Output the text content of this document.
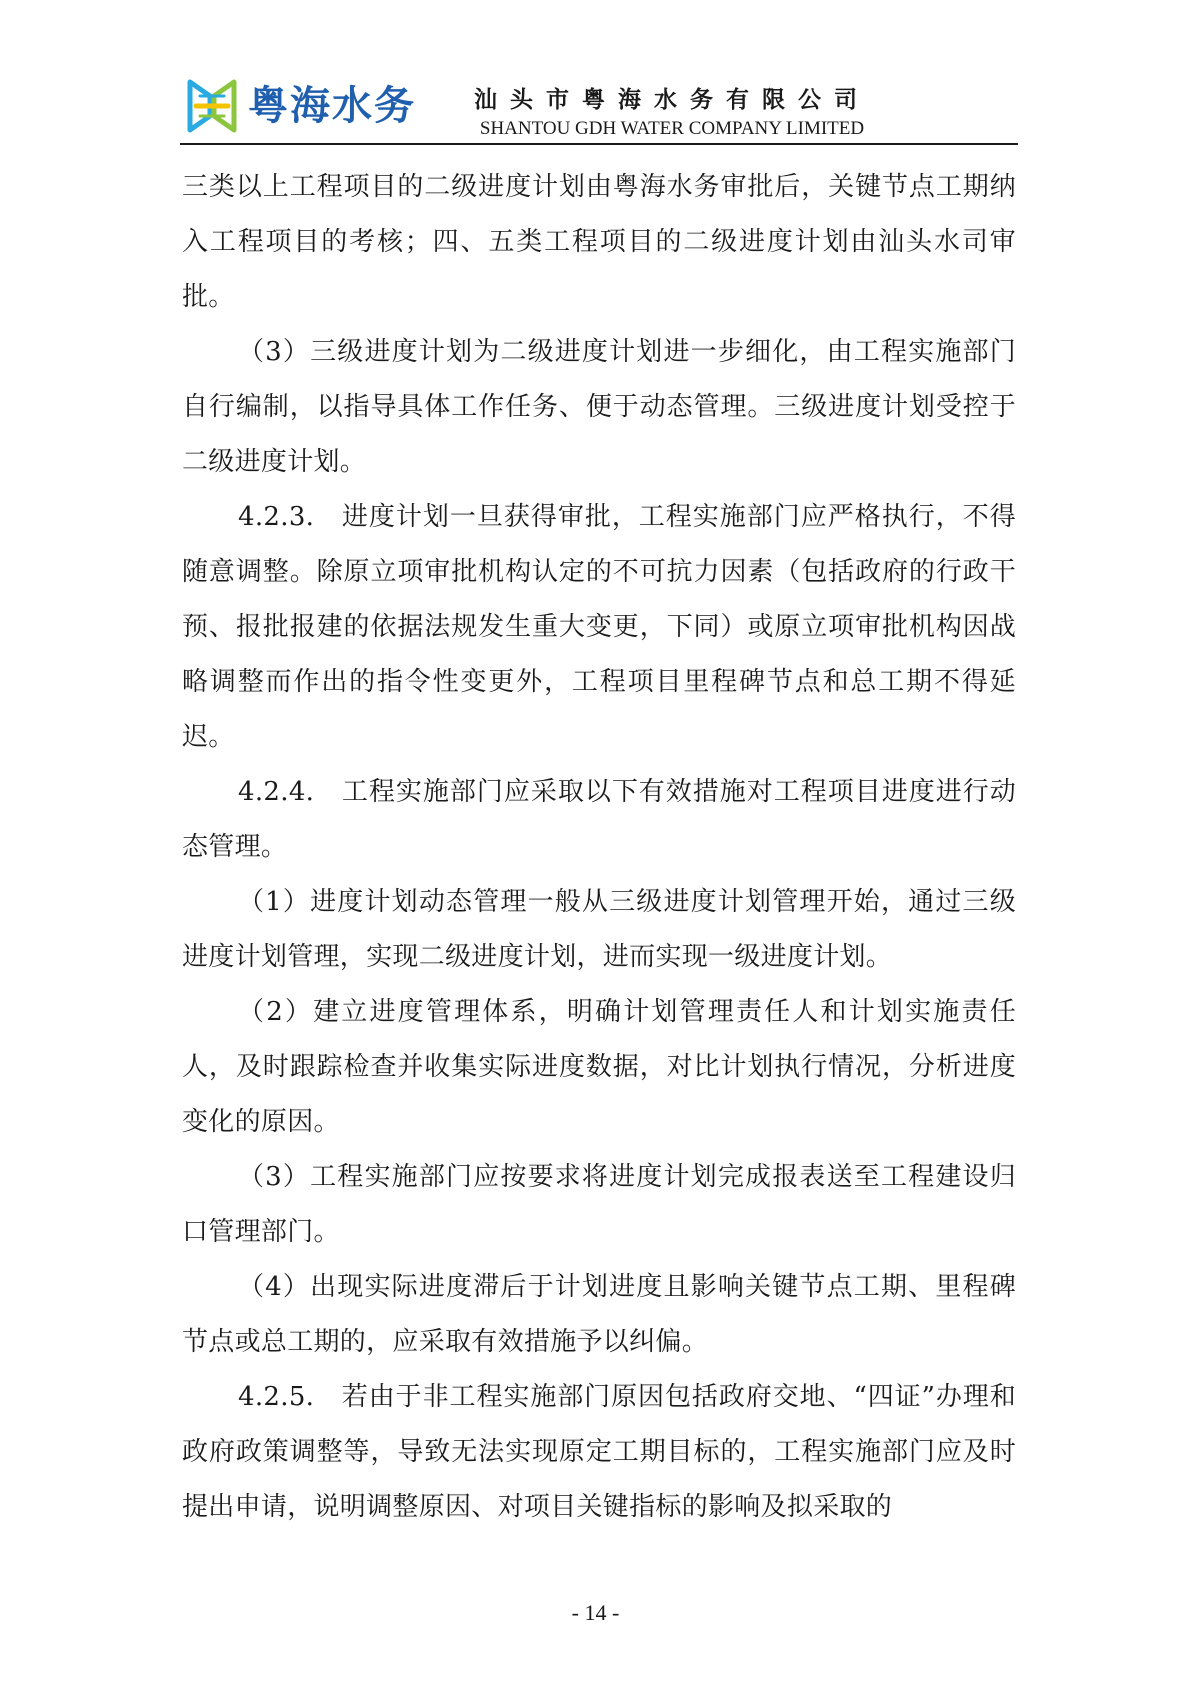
粤海水务	汕头市粤海水务有限公司
SHANTOU GDH WATER COMPANY LIMITED

三类以上工程项目的二级进度计划由粤海水务审批后，关键节点工期纳入工程项目的考核；四、五类工程项目的二级进度计划由汕头水司审批。

（3）三级进度计划为二级进度计划进一步细化，由工程实施部门自行编制，以指导具体工作任务、便于动态管理。三级进度计划受控于二级进度计划。

4.2.3.　进度计划一旦获得审批，工程实施部门应严格执行，不得随意调整。除原立项审批机构认定的不可抗力因素（包括政府的行政干预、报批报建的依据法规发生重大变更，下同）或原立项审批机构因战略调整而作出的指令性变更外，工程项目里程碑节点和总工期不得延迟。

4.2.4.　工程实施部门应采取以下有效措施对工程项目进度进行动态管理。

（1）进度计划动态管理一般从三级进度计划管理开始，通过三级进度计划管理，实现二级进度计划，进而实现一级进度计划。

（2）建立进度管理体系，明确计划管理责任人和计划实施责任人，及时跟踪检查并收集实际进度数据，对比计划执行情况，分析进度变化的原因。

（3）工程实施部门应按要求将进度计划完成报表送至工程建设归口管理部门。

（4）出现实际进度滞后于计划进度且影响关键节点工期、里程碑节点或总工期的，应采取有效措施予以纠偏。

4.2.5.　若由于非工程实施部门原因包括政府交地、“四证”办理和政府政策调整等，导致无法实现原定工期目标的，工程实施部门应及时提出申请，说明调整原因、对项目关键指标的影响及拟采取的

- 14 -
